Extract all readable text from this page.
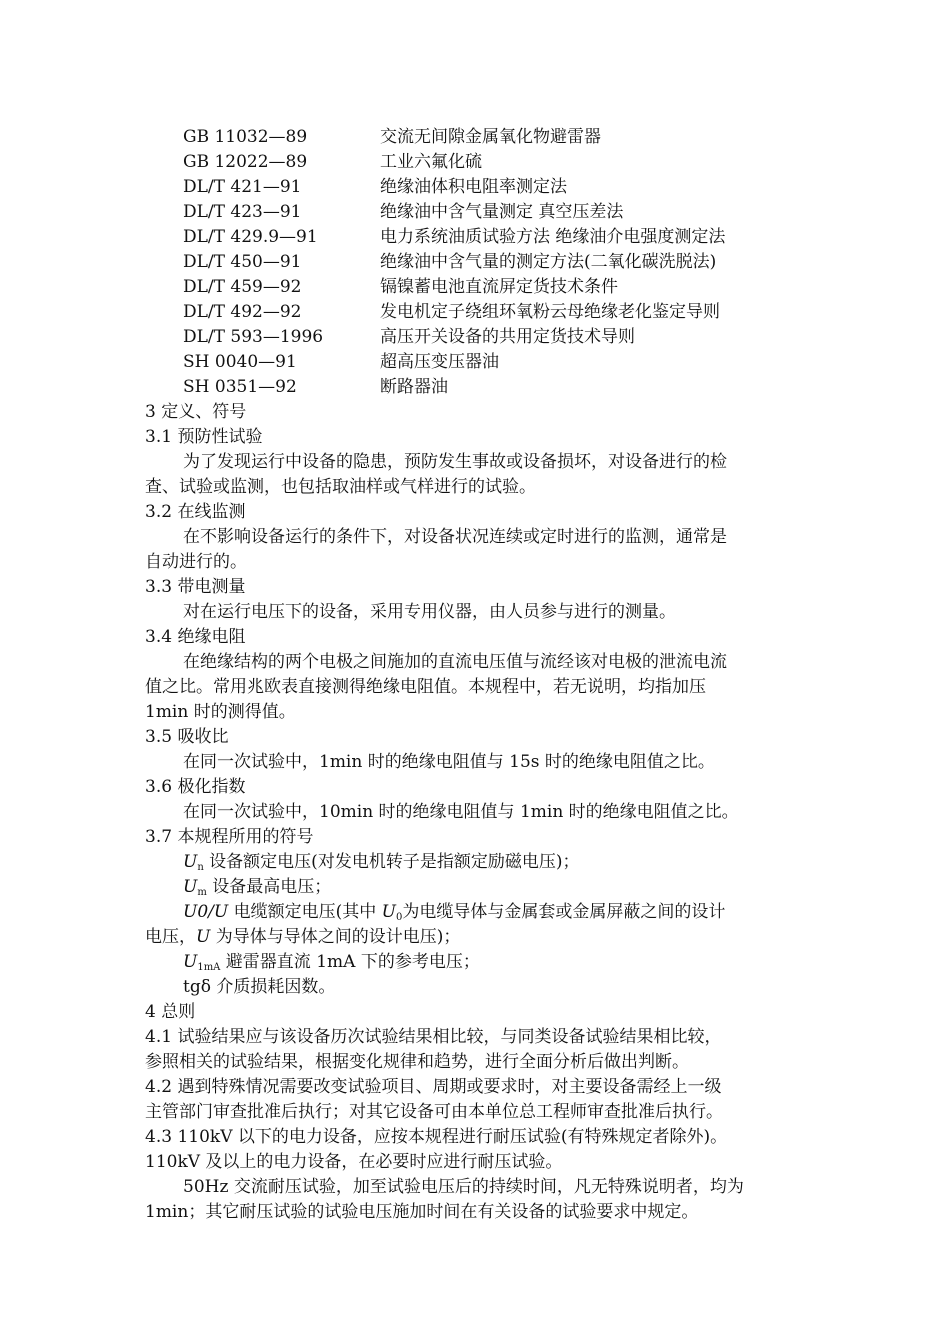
GB 11032—89	交流无间隙金属氧化物避雷器
GB 12022—89	工业六氟化硫
DL/T 421—91	绝缘油体积电阻率测定法
DL/T 423—91	绝缘油中含气量测定 真空压差法
DL/T 429.9—91	电力系统油质试验方法 绝缘油介电强度测定法
DL/T 450—91	绝缘油中含气量的测定方法(二氧化碳洗脱法)
DL/T 459—92	镉镍蓄电池直流屏定货技术条件
DL/T 492—92	发电机定子绕组环氧粉云母绝缘老化鉴定导则
DL/T 593—1996	高压开关设备的共用定货技术导则
SH 0040—91	超高压变压器油
SH 0351—92	断路器油
3 定义、符号
3.1 预防性试验
为了发现运行中设备的隐患，预防发生事故或设备损坏，对设备进行的检
查、试验或监测，也包括取油样或气样进行的试验。
3.2 在线监测
在不影响设备运行的条件下，对设备状况连续或定时进行的监测，通常是
自动进行的。
3.3 带电测量
对在运行电压下的设备，采用专用仪器，由人员参与进行的测量。
3.4 绝缘电阻
在绝缘结构的两个电极之间施加的直流电压值与流经该对电极的泄流电流
值之比。常用兆欧表直接测得绝缘电阻值。本规程中，若无说明，均指加压
1min 时的测得值。
3.5 吸收比
在同一次试验中，1min 时的绝缘电阻值与 15s 时的绝缘电阻值之比。
3.6 极化指数
在同一次试验中，10min 时的绝缘电阻值与 1min 时的绝缘电阻值之比。
3.7 本规程所用的符号
$U_n$ 设备额定电压(对发电机转子是指额定励磁电压)；
$U_m$ 设备最高电压；
U0/U 电缆额定电压(其中 $U_0$为电缆导体与金属套或金属屏蔽之间的设计
电压，U 为导体与导体之间的设计电压)；
$U_{1mA}$ 避雷器直流 1mA 下的参考电压；
tgδ 介质损耗因数。
4 总则
4.1 试验结果应与该设备历次试验结果相比较，与同类设备试验结果相比较，
参照相关的试验结果，根据变化规律和趋势，进行全面分析后做出判断。
4.2 遇到特殊情况需要改变试验项目、周期或要求时，对主要设备需经上一级
主管部门审查批准后执行；对其它设备可由本单位总工程师审查批准后执行。
4.3 110kV 以下的电力设备，应按本规程进行耐压试验(有特殊规定者除外)。
110kV 及以上的电力设备，在必要时应进行耐压试验。
50Hz 交流耐压试验，加至试验电压后的持续时间，凡无特殊说明者，均为
1min；其它耐压试验的试验电压施加时间在有关设备的试验要求中规定。
